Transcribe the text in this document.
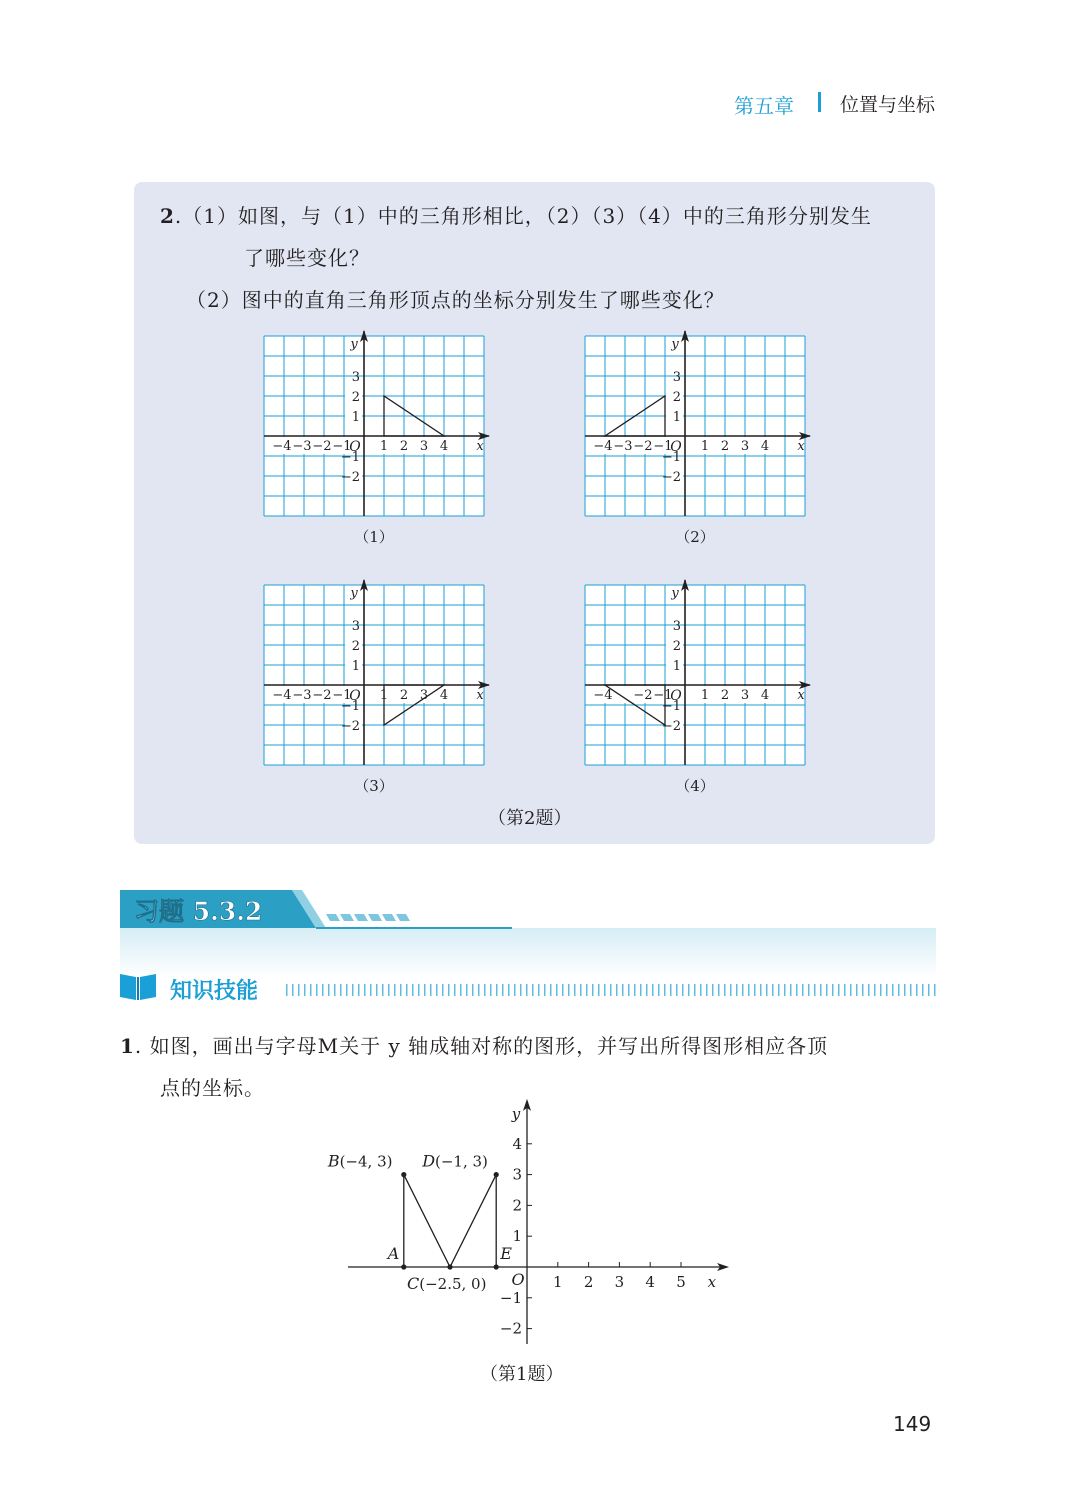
第五章 位置与坐标
2.（1）如图，与（1）中的三角形相比，（2）（3）（4）中的三角形分别发生
了哪些变化？
（2）图中的直角三角形顶点的坐标分别发生了哪些变化？
−4 −3 −2 −1 1 2 3 4
3
2
1
−1
−2
O	x
y
−4 −3 −2 −1 1 2 3 4
3
2
1
−1
−2
O	x
y
−4 −3 −2 −1 1 2 3 4
3
2
1
−1
−2
O	x
y
−4 −2 −1 1 2 3 4
3
2
1
−1
−2
O	x
y
（1）	（2）
（3）	（4）
（第2题）
习题 5.3.2
知识技能
1. 如图，画出与字母M关于 y 轴成轴对称的图形，并写出所得图形相应各顶
点的坐标。
1 2 3 4 5
4
3
2
1
−1
−2
O	x
y
B(−4, 3) D(−1, 3)
A	E
C(−2.5, 0)
（第1题）
149
